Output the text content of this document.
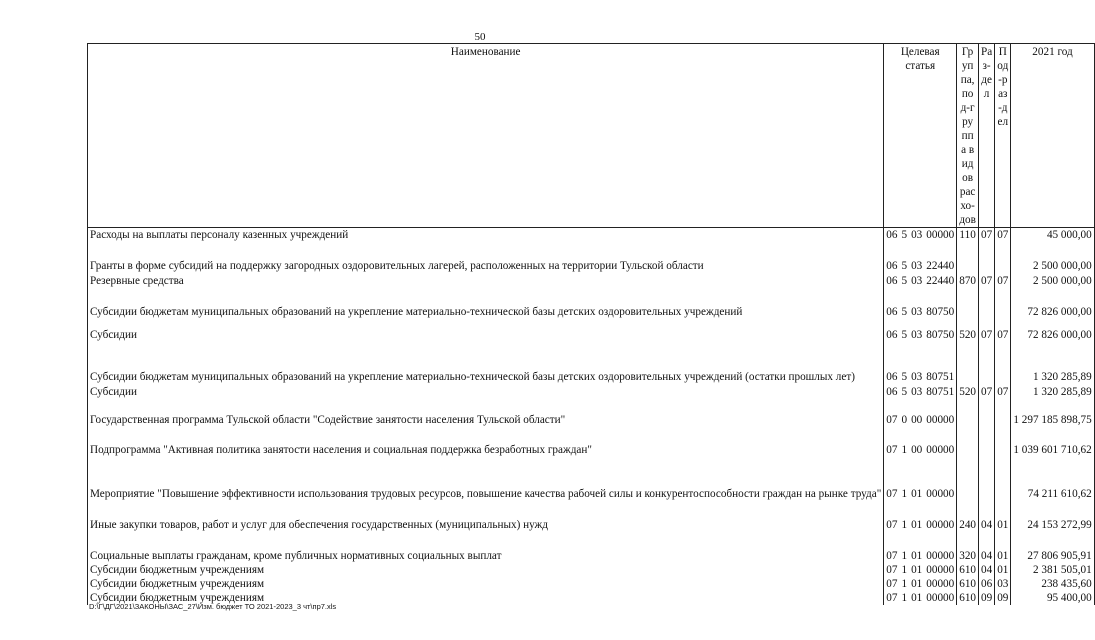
50
Наименование	Целевая статья				Группа, под-группа видов расхо-дов	Раз-дел	Под-раз-дел	2021 год
Расходы на выплаты персоналу казенных учреждений	06	5	03	00000	110	07	07	45 000,00
Гранты в форме субсидий на поддержку загородных оздоровительных лагерей, расположенных на территории Тульской области	06	5	03	22440				2 500 000,00
Резервные средства	06	5	03	22440	870	07	07	2 500 000,00
Субсидии бюджетам муниципальных образований на укрепление материально-технической базы детских оздоровительных учреждений	06	5	03	80750				72 826 000,00
Субсидии	06	5	03	80750	520	07	07	72 826 000,00
Субсидии бюджетам муниципальных образований на укрепление материально-технической базы детских оздоровительных учреждений (остатки прошлых лет)	06	5	03	80751				1 320 285,89
Субсидии	06	5	03	80751	520	07	07	1 320 285,89
Государственная программа Тульской области "Содействие занятости населения Тульской области"	07	0	00	00000				1 297 185 898,75
Подпрограмма "Активная политика занятости населения и социальная поддержка безработных граждан"	07	1	00	00000				1 039 601 710,62
Мероприятие "Повышение эффективности использования трудовых ресурсов, повышение качества рабочей силы и конкурентоспособности граждан на рынке труда"	07	1	01	00000				74 211 610,62
Иные закупки товаров, работ и услуг для обеспечения государственных (муниципальных) нужд	07	1	01	00000	240	04	01	24 153 272,99
Социальные выплаты гражданам, кроме публичных нормативных социальных выплат	07	1	01	00000	320	04	01	27 806 905,91
Субсидии бюджетным учреждениям	07	1	01	00000	610	04	01	2 381 505,01
Субсидии бюджетным учреждениям	07	1	01	00000	610	06	03	238 435,60
Субсидии бюджетным учреждениям	07	1	01	00000	610	09	09	95 400,00
D:\Г\ДГ\2021\ЗАКОНЫ\ЗАС_27\Изм. бюджет ТО 2021-2023_3 чт\пр7.xls
